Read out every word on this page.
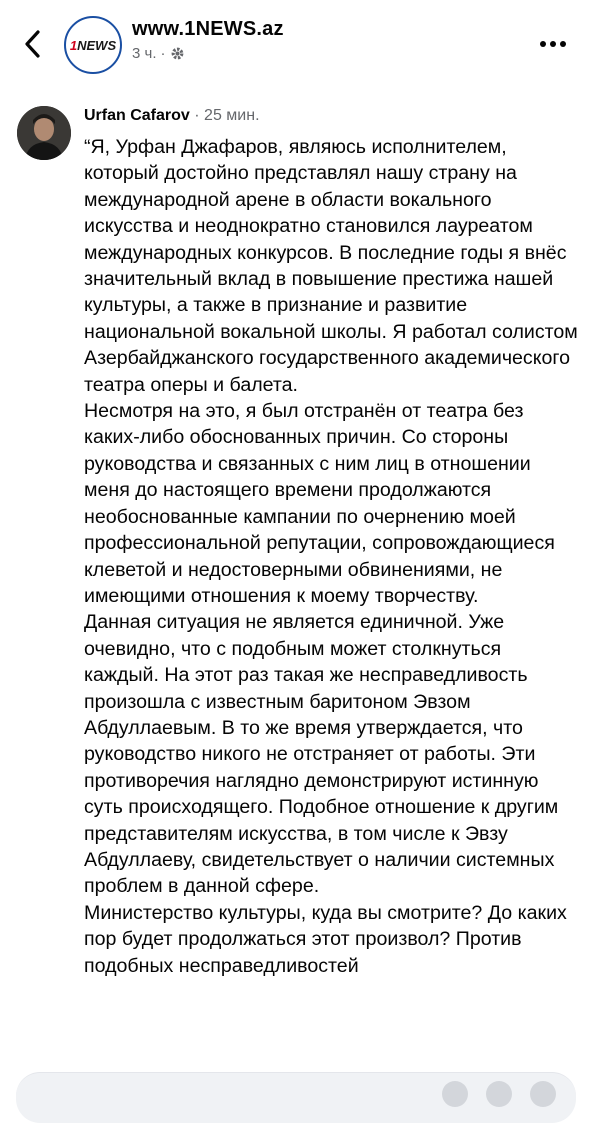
1NEWS
www.1NEWS.az
3 ч. ·
Urfan Cafarov · 25 мин.

“Я, Урфан Джафаров, являюсь исполнителем, который достойно представлял нашу страну на международной арене в области вокального искусства и неоднократно становился лауреатом международных конкурсов. В последние годы я внёс значительный вклад в повышение престижа нашей культуры, а также в признание и развитие национальной вокальной школы. Я работал солистом Азербайджанского государственного академического театра оперы и балета.

Несмотря на это, я был отстранён от театра без каких-либо обоснованных причин. Со стороны руководства и связанных с ним лиц в отношении меня до настоящего времени продолжаются необоснованные кампании по очернению моей профессиональной репутации, сопровождающиеся клеветой и недостоверными обвинениями, не имеющими отношения к моему творчеству.

Данная ситуация не является единичной. Уже очевидно, что с подобным может столкнуться каждый. На этот раз такая же несправедливость произошла с известным баритоном Эвзом Абдуллаевым. В то же время утверждается, что руководство никого не отстраняет от работы. Эти противоречия наглядно демонстрируют истинную суть происходящего. Подобное отношение к другим представителям искусства, в том числе к Эвзу Абдуллаеву, свидетельствует о наличии системных проблем в данной сфере.

Министерство культуры, куда вы смотрите? До каких пор будет продолжаться этот произвол? Против подобных несправедливостей
